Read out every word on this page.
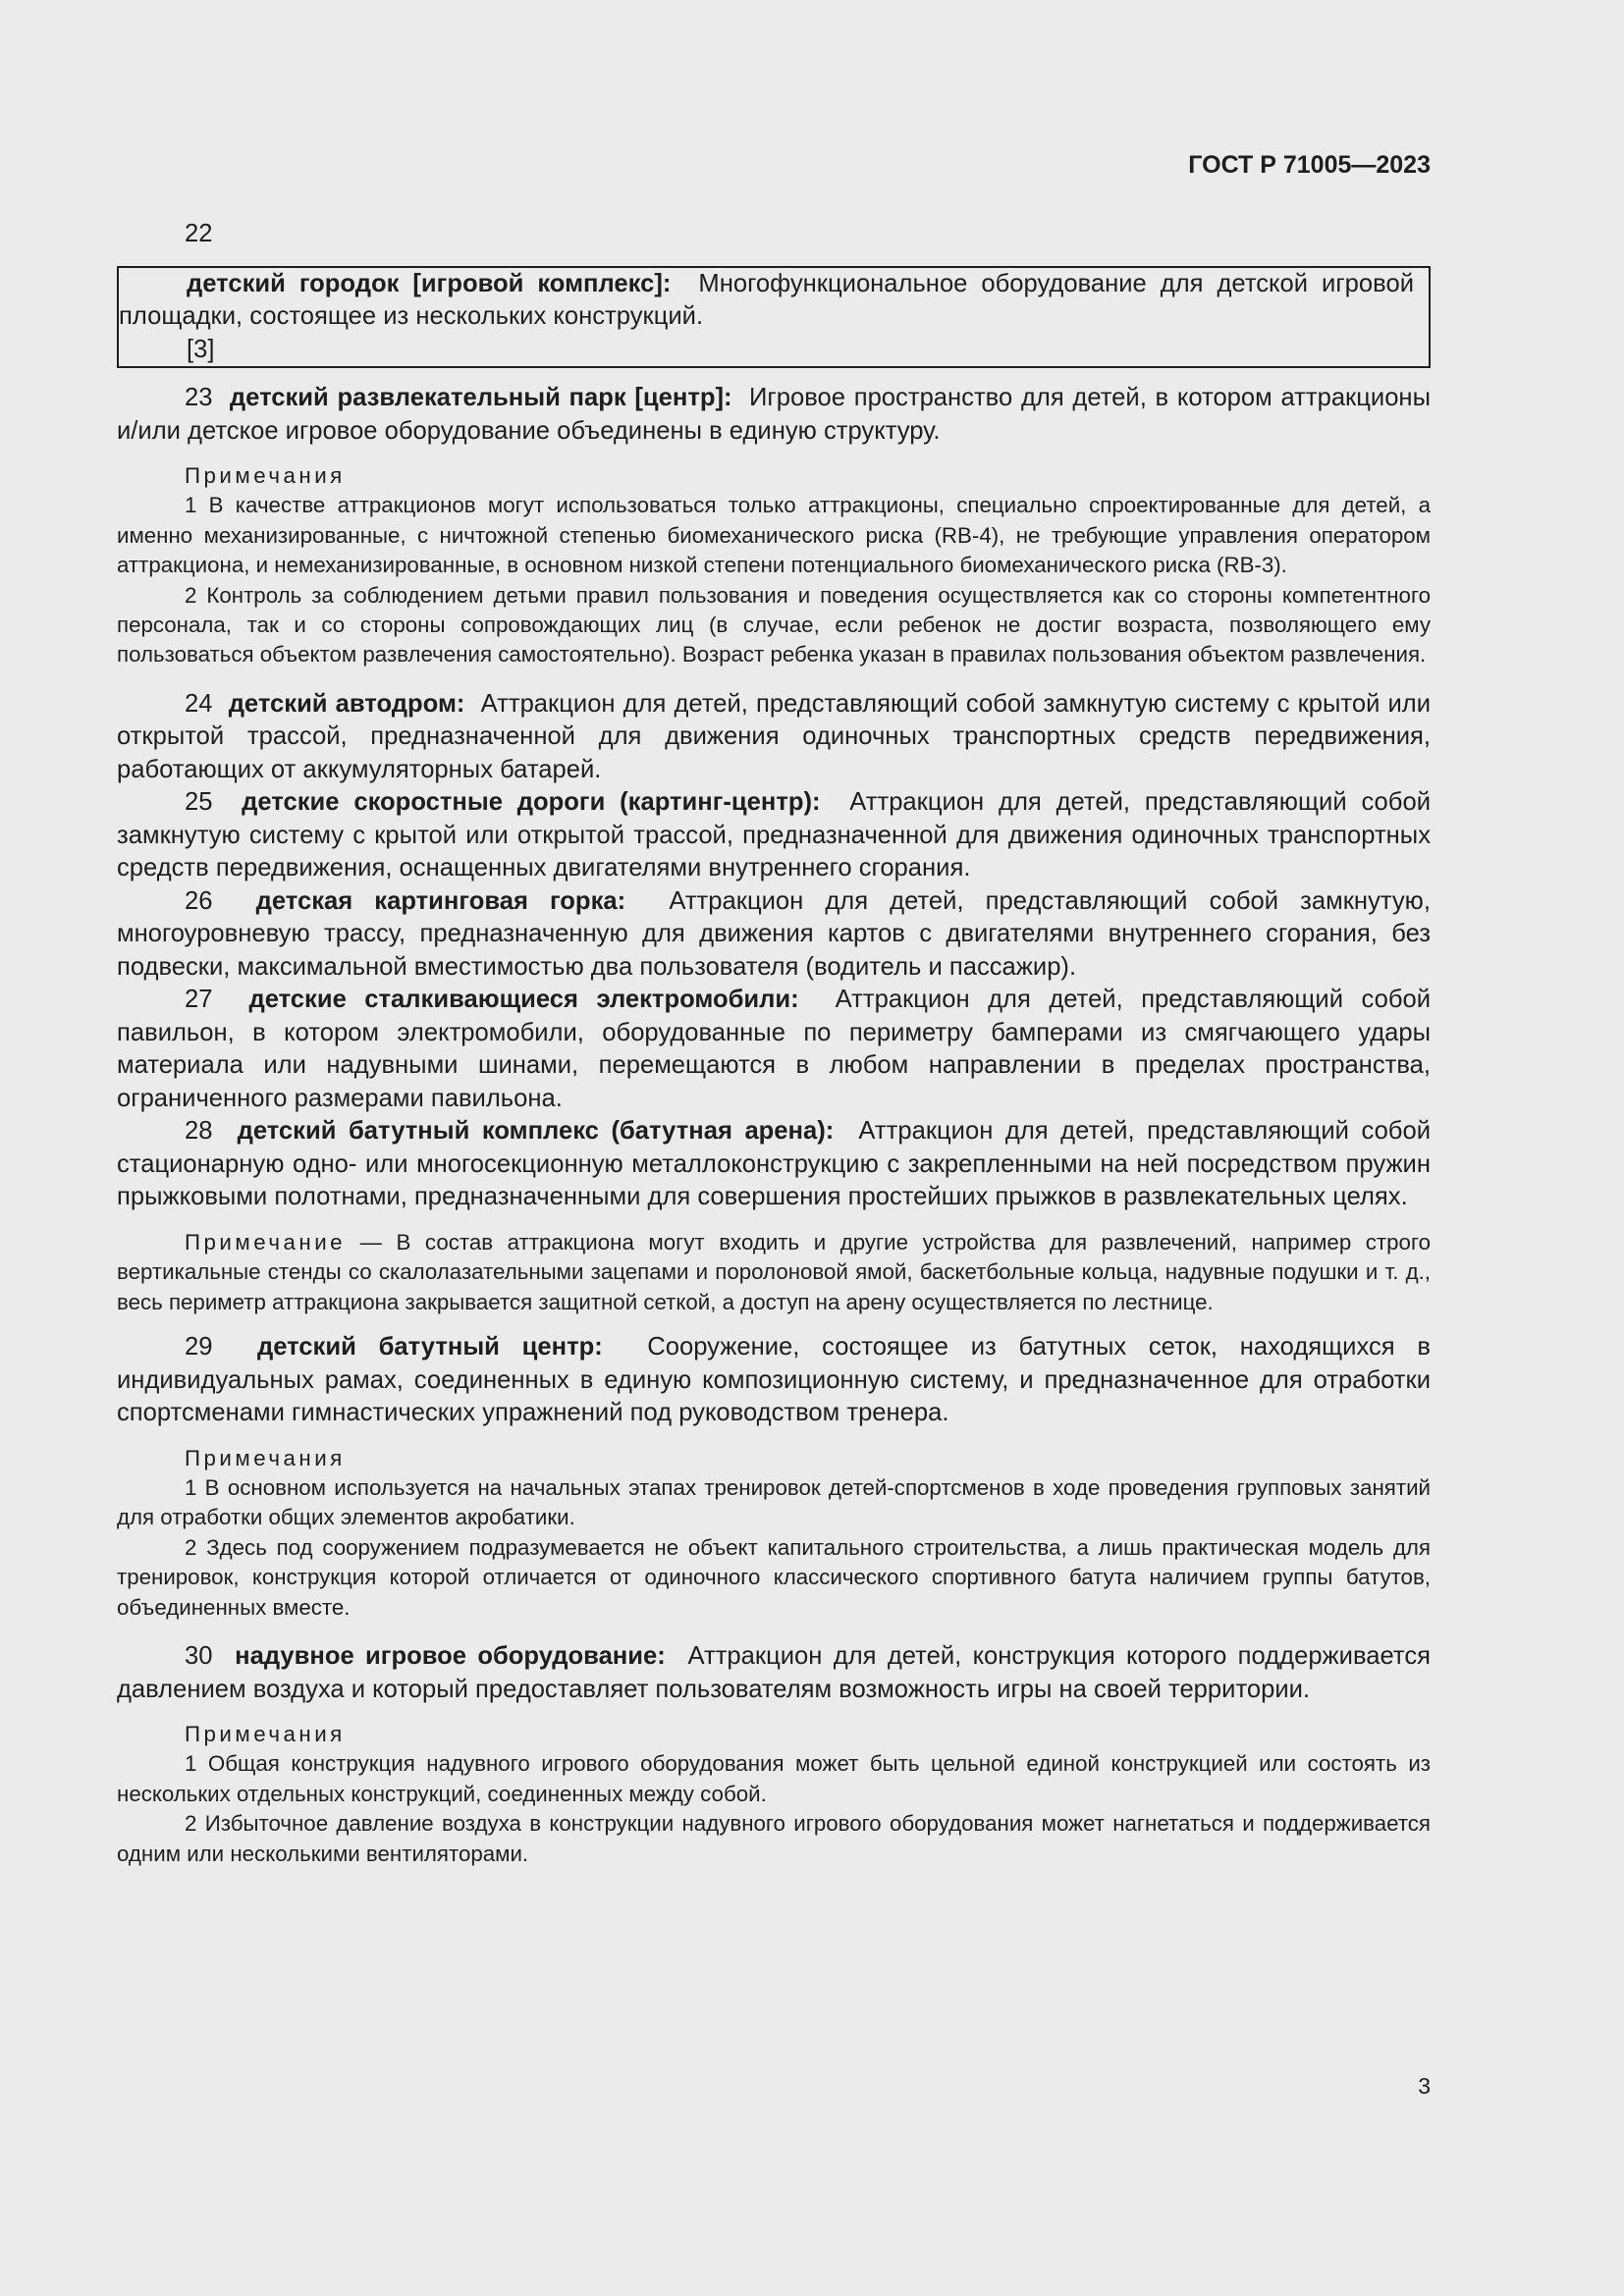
ГОСТ Р 71005—2023

22

детский городок [игровой комплекс]: Многофункциональное оборудование для детской игровой площадки, состоящее из нескольких конструкций.

[3]

23 детский развлекательный парк [центр]: Игровое пространство для детей, в котором аттракционы и/или детское игровое оборудование объединены в единую структуру.

Примечания

1 В качестве аттракционов могут использоваться только аттракционы, специально спроектированные для детей, а именно механизированные, с ничтожной степенью биомеханического риска (RB-4), не требующие управления оператором аттракциона, и немеханизированные, в основном низкой степени потенциального биомеханического риска (RB-3).

2 Контроль за соблюдением детьми правил пользования и поведения осуществляется как со стороны компетентного персонала, так и со стороны сопровождающих лиц (в случае, если ребенок не достиг возраста, позволяющего ему пользоваться объектом развлечения самостоятельно). Возраст ребенка указан в правилах пользования объектом развлечения.

24 детский автодром: Аттракцион для детей, представляющий собой замкнутую систему с крытой или открытой трассой, предназначенной для движения одиночных транспортных средств передвижения, работающих от аккумуляторных батарей.

25 детские скоростные дороги (картинг-центр): Аттракцион для детей, представляющий собой замкнутую систему с крытой или открытой трассой, предназначенной для движения одиночных транспортных средств передвижения, оснащенных двигателями внутреннего сгорания.

26 детская картинговая горка: Аттракцион для детей, представляющий собой замкнутую, многоуровневую трассу, предназначенную для движения картов с двигателями внутреннего сгорания, без подвески, максимальной вместимостью два пользователя (водитель и пассажир).

27 детские сталкивающиеся электромобили: Аттракцион для детей, представляющий собой павильон, в котором электромобили, оборудованные по периметру бамперами из смягчающего удары материала или надувными шинами, перемещаются в любом направлении в пределах пространства, ограниченного размерами павильона.

28 детский батутный комплекс (батутная арена): Аттракцион для детей, представляющий собой стационарную одно- или многосекционную металлоконструкцию с закрепленными на ней посредством пружин прыжковыми полотнами, предназначенными для совершения простейших прыжков в развлекательных целях.

Примечание — В состав аттракциона могут входить и другие устройства для развлечений, например строго вертикальные стенды со скалолазательными зацепами и поролоновой ямой, баскетбольные кольца, надувные подушки и т. д., весь периметр аттракциона закрывается защитной сеткой, а доступ на арену осуществляется по лестнице.

29 детский батутный центр: Сооружение, состоящее из батутных сеток, находящихся в индивидуальных рамах, соединенных в единую композиционную систему, и предназначенное для отработки спортсменами гимнастических упражнений под руководством тренера.

Примечания

1 В основном используется на начальных этапах тренировок детей-спортсменов в ходе проведения групповых занятий для отработки общих элементов акробатики.

2 Здесь под сооружением подразумевается не объект капитального строительства, а лишь практическая модель для тренировок, конструкция которой отличается от одиночного классического спортивного батута наличием группы батутов, объединенных вместе.

30 надувное игровое оборудование: Аттракцион для детей, конструкция которого поддерживается давлением воздуха и который предоставляет пользователям возможность игры на своей территории.

Примечания

1 Общая конструкция надувного игрового оборудования может быть цельной единой конструкцией или состоять из нескольких отдельных конструкций, соединенных между собой.

2 Избыточное давление воздуха в конструкции надувного игрового оборудования может нагнетаться и поддерживается одним или несколькими вентиляторами.

3
